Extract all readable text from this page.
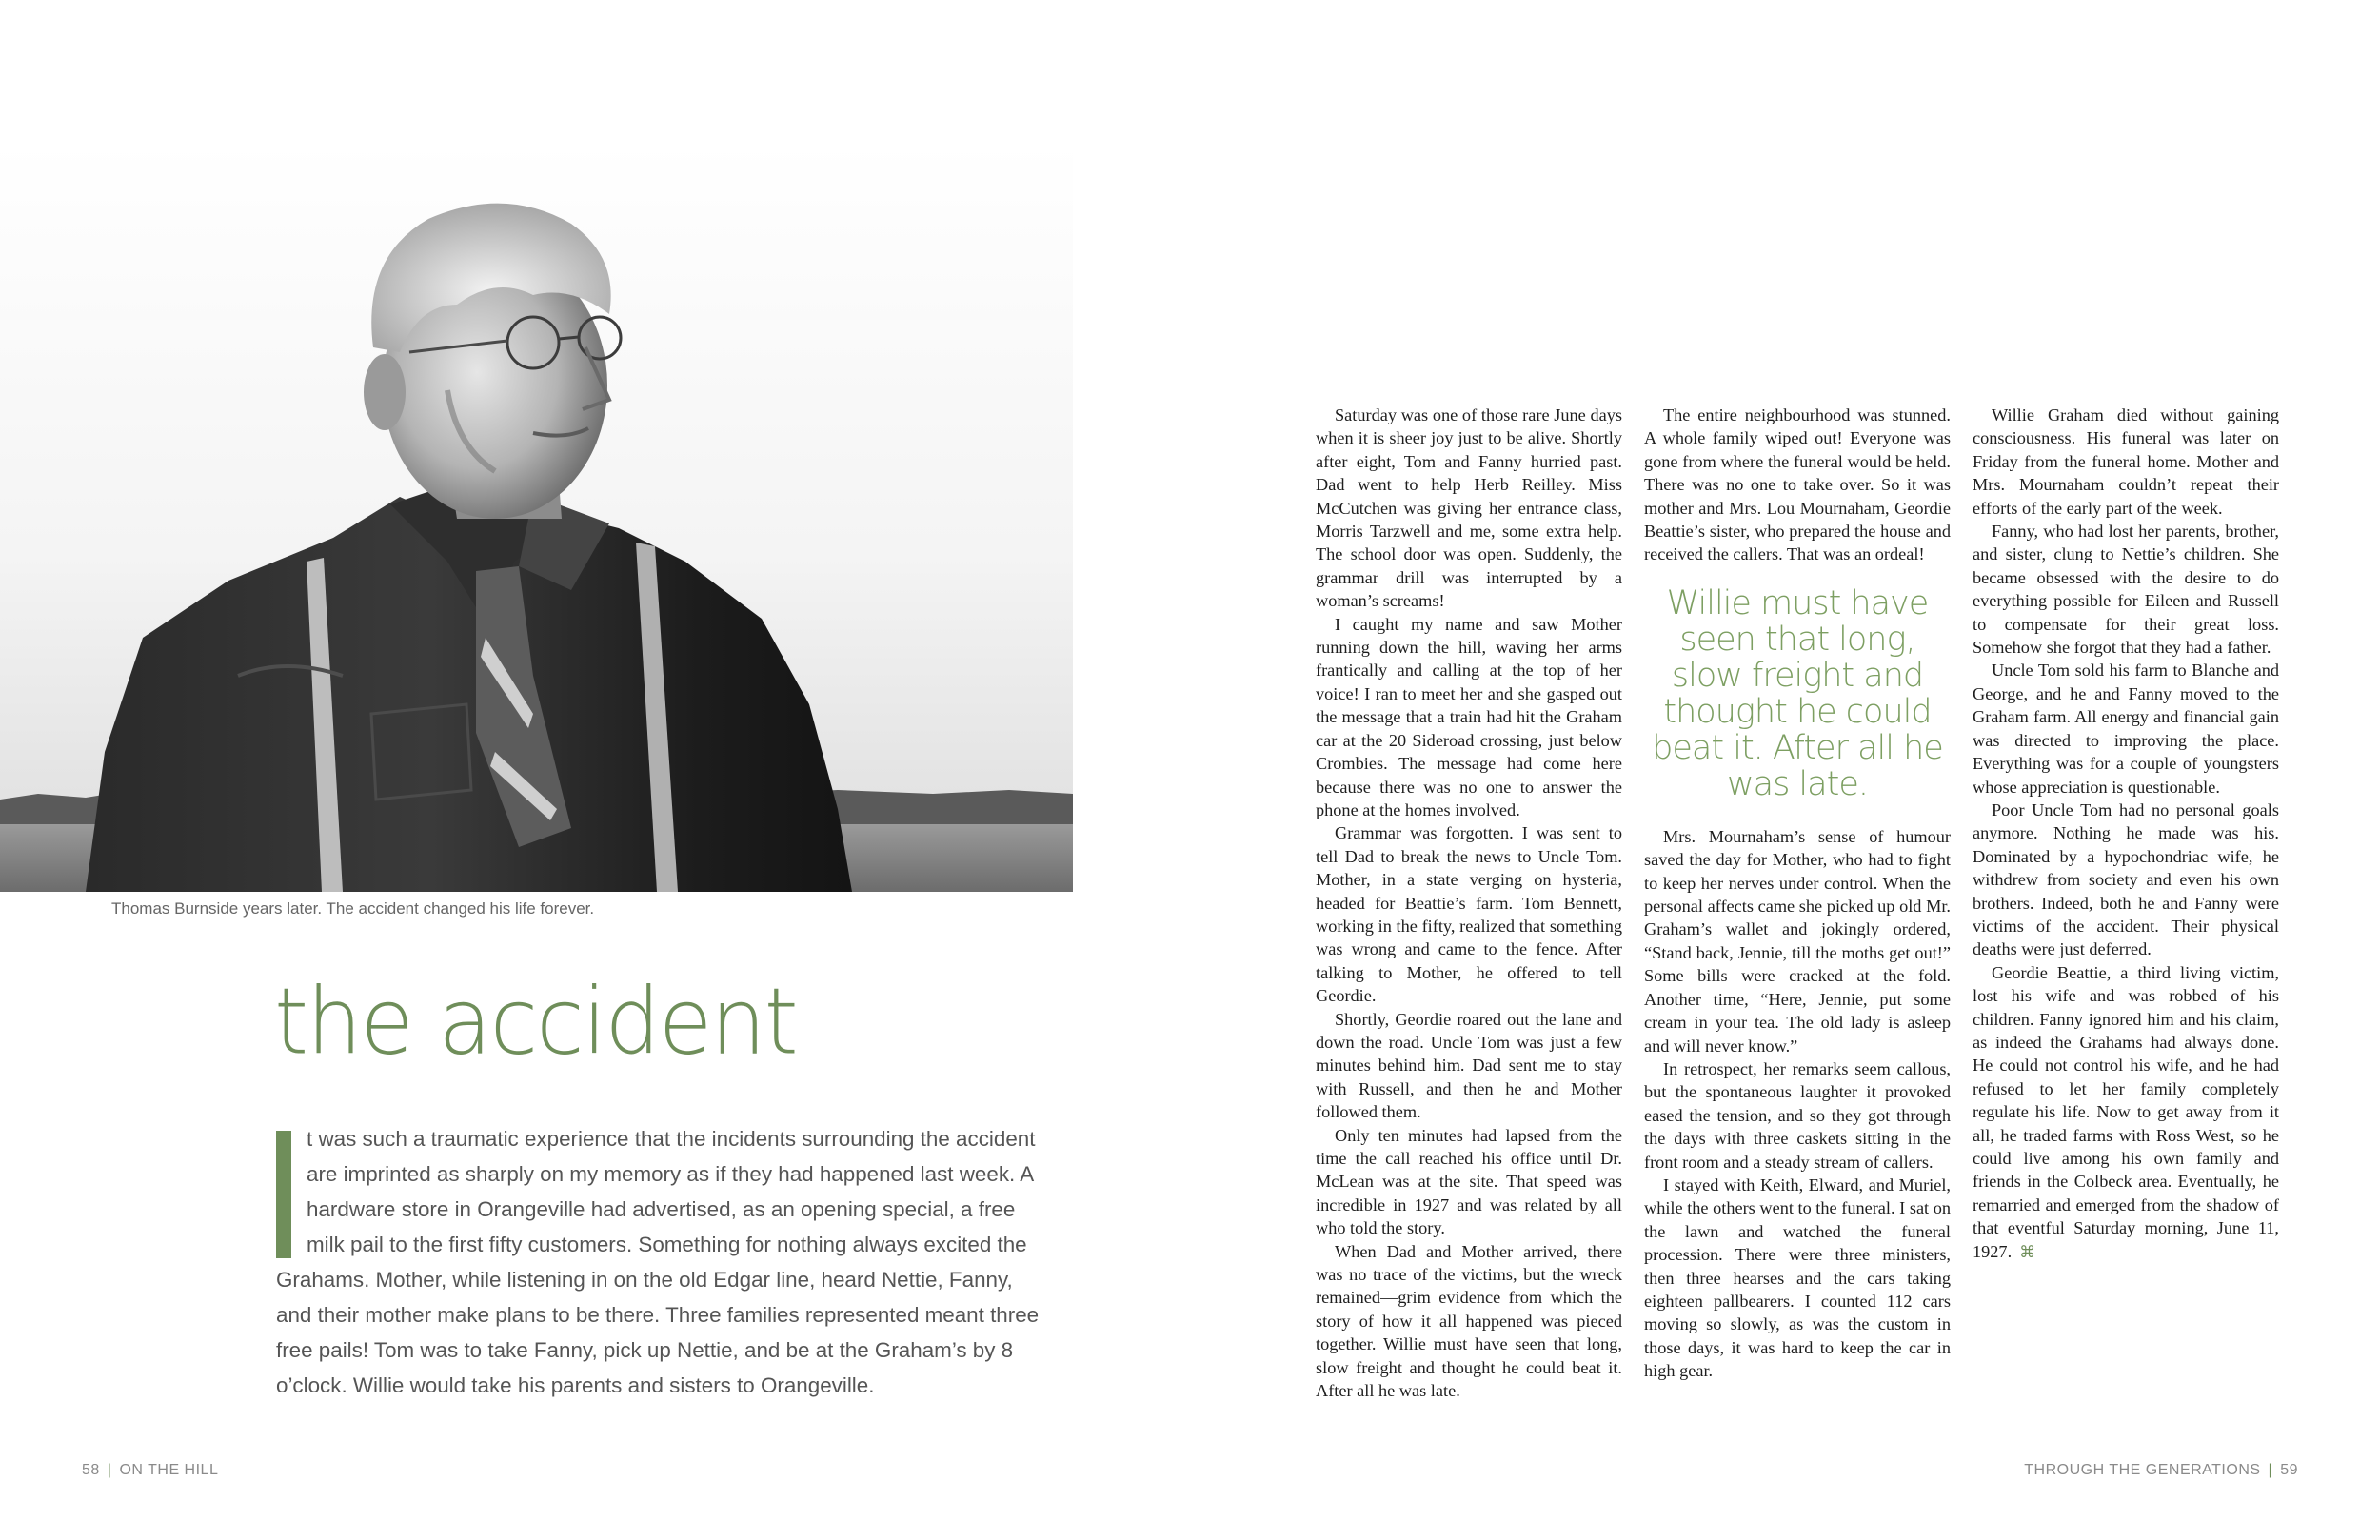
Thomas Burnside years later. The accident changed his life forever.
the accident
t was such a traumatic experience that the incidents surrounding the accident are imprinted as sharply on my memory as if they had happened last week. A hardware store in Orangeville had advertised, as an opening special, a free milk pail to the first fifty customers. Something for nothing always excited the Grahams. Mother, while listening in on the old Edgar line, heard Nettie, Fanny, and their mother make plans to be there. Three families represented meant three free pails! Tom was to take Fanny, pick up Nettie, and be at the Graham’s by 8 o’clock. Willie would take his parents and sisters to Orangeville.

Saturday was one of those rare June days when it is sheer joy just to be alive. Shortly after eight, Tom and Fanny hurried past. Dad went to help Herb Reilley. Miss McCutchen was giving her entrance class, Morris Tarzwell and me, some extra help. The school door was open. Suddenly, the grammar drill was interrupted by a woman’s screams!

I caught my name and saw Mother running down the hill, waving her arms frantically and calling at the top of her voice! I ran to meet her and she gasped out the message that a train had hit the Graham car at the 20 Sideroad crossing, just below Crombies. The message had come here because there was no one to answer the phone at the homes involved.

Grammar was forgotten. I was sent to tell Dad to break the news to Uncle Tom. Mother, in a state verging on hysteria, headed for Beattie’s farm. Tom Bennett, working in the fifty, realized that something was wrong and came to the fence. After talking to Mother, he offered to tell Geordie.

Shortly, Geordie roared out the lane and down the road. Uncle Tom was just a few minutes behind him. Dad sent me to stay with Russell, and then he and Mother followed them.

Only ten minutes had lapsed from the time the call reached his office until Dr. McLean was at the site. That speed was incredible in 1927 and was related by all who told the story.

When Dad and Mother arrived, there was no trace of the victims, but the wreck remained—grim evidence from which the story of how it all happened was pieced together. Willie must have seen that long, slow freight and thought he could beat it. After all he was late.

The entire neighbourhood was stunned. A whole family wiped out! Everyone was gone from where the funeral would be held. There was no one to take over. So it was mother and Mrs. Lou Mournaham, Geordie Beattie’s sister, who prepared the house and received the callers. That was an ordeal!

Willie must have seen that long, slow freight and thought he could beat it. After all he was late.

Mrs. Mournaham’s sense of humour saved the day for Mother, who had to fight to keep her nerves under control. When the personal affects came she picked up old Mr. Graham’s wallet and jokingly ordered, “Stand back, Jennie, till the moths get out!” Some bills were cracked at the fold. Another time, “Here, Jennie, put some cream in your tea. The old lady is asleep and will never know.”

In retrospect, her remarks seem callous, but the spontaneous laughter it provoked eased the tension, and so they got through the days with three caskets sitting in the front room and a steady stream of callers.

I stayed with Keith, Elward, and Muriel, while the others went to the funeral. I sat on the lawn and watched the funeral procession. There were three ministers, then three hearses and the cars taking eighteen pallbearers. I counted 112 cars moving so slowly, as was the custom in those days, it was hard to keep the car in high gear.

Willie Graham died without gaining consciousness. His funeral was later on Friday from the funeral home. Mother and Mrs. Mournaham couldn’t repeat their efforts of the early part of the week.

Fanny, who had lost her parents, brother, and sister, clung to Nettie’s children. She became obsessed with the desire to do everything possible for Eileen and Russell to compensate for their great loss. Somehow she forgot that they had a father.

Uncle Tom sold his farm to Blanche and George, and he and Fanny moved to the Graham farm. All energy and financial gain was directed to improving the place. Everything was for a couple of youngsters whose appreciation is questionable.

Poor Uncle Tom had no personal goals anymore. Nothing he made was his. Dominated by a hypochondriac wife, he withdrew from society and even his own brothers. Indeed, both he and Fanny were victims of the accident. Their physical deaths were just deferred.

Geordie Beattie, a third living victim, lost his wife and was robbed of his children. Fanny ignored him and his claim, as indeed the Grahams had always done. He could not control his wife, and he had refused to let her family completely regulate his life. Now to get away from it all, he traded farms with Ross West, so he could live among his own family and friends in the Colbeck area. Eventually, he remarried and emerged from the shadow of that eventful Saturday morning, June 11, 1927. ⌘

58 | ON THE HILL	THROUGH THE GENERATIONS | 59
